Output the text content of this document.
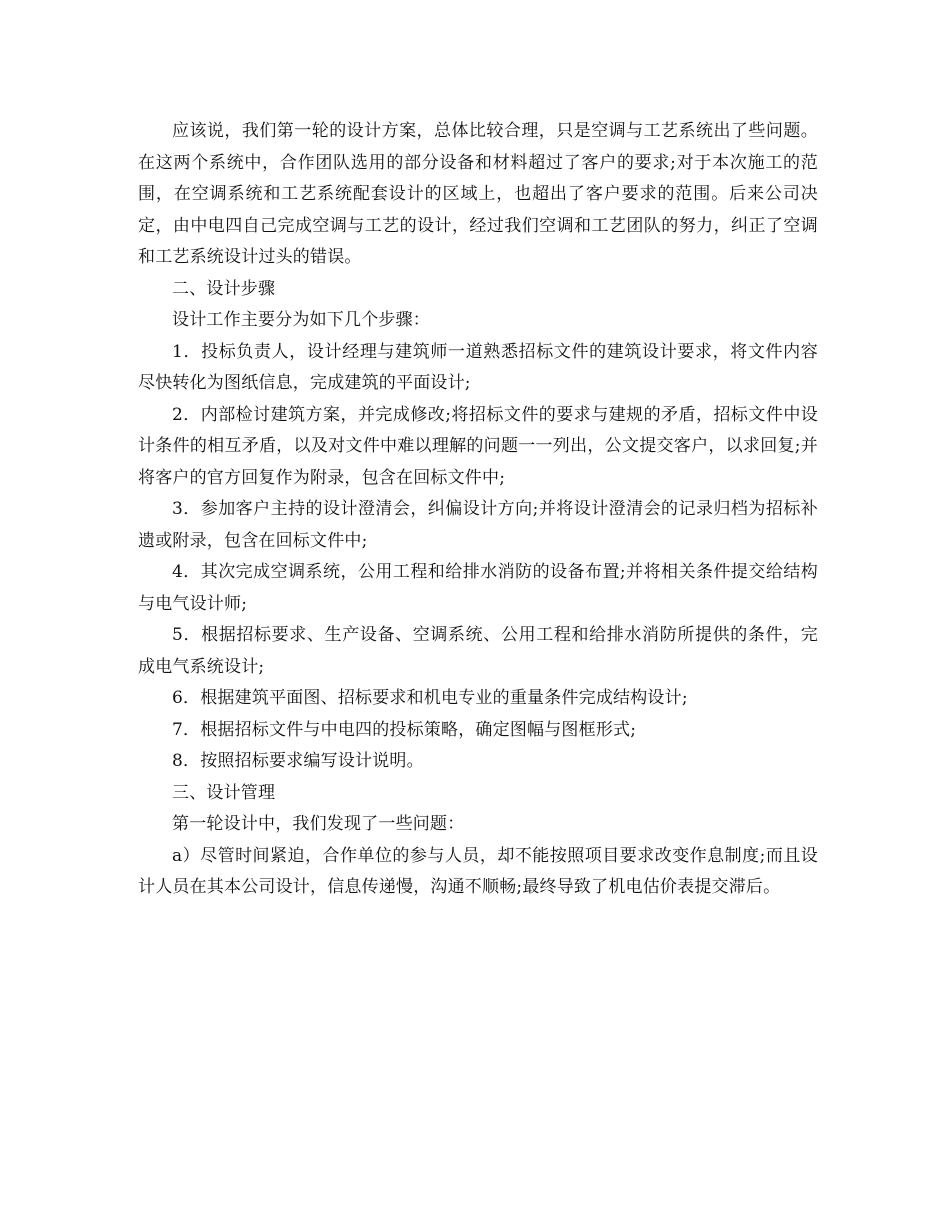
应该说，我们第一轮的设计方案，总体比较合理，只是空调与工艺系统出了些问题。在这两个系统中，合作团队选用的部分设备和材料超过了客户的要求;对于本次施工的范围，在空调系统和工艺系统配套设计的区域上，也超出了客户要求的范围。后来公司决定，由中电四自己完成空调与工艺的设计，经过我们空调和工艺团队的努力，纠正了空调和工艺系统设计过头的错误。

二、设计步骤

设计工作主要分为如下几个步骤：

1．投标负责人，设计经理与建筑师一道熟悉招标文件的建筑设计要求，将文件内容尽快转化为图纸信息，完成建筑的平面设计;

2．内部检讨建筑方案，并完成修改;将招标文件的要求与建规的矛盾，招标文件中设计条件的相互矛盾，以及对文件中难以理解的问题一一列出，公文提交客户，以求回复;并将客户的官方回复作为附录，包含在回标文件中;

3．参加客户主持的设计澄清会，纠偏设计方向;并将设计澄清会的记录归档为招标补遗或附录，包含在回标文件中;

4．其次完成空调系统，公用工程和给排水消防的设备布置;并将相关条件提交给结构与电气设计师;

5．根据招标要求、生产设备、空调系统、公用工程和给排水消防所提供的条件，完成电气系统设计;

6．根据建筑平面图、招标要求和机电专业的重量条件完成结构设计;

7．根据招标文件与中电四的投标策略，确定图幅与图框形式;

8．按照招标要求编写设计说明。

三、设计管理

第一轮设计中，我们发现了一些问题：

a）尽管时间紧迫，合作单位的参与人员，却不能按照项目要求改变作息制度;而且设计人员在其本公司设计，信息传递慢，沟通不顺畅;最终导致了机电估价表提交滞后。
